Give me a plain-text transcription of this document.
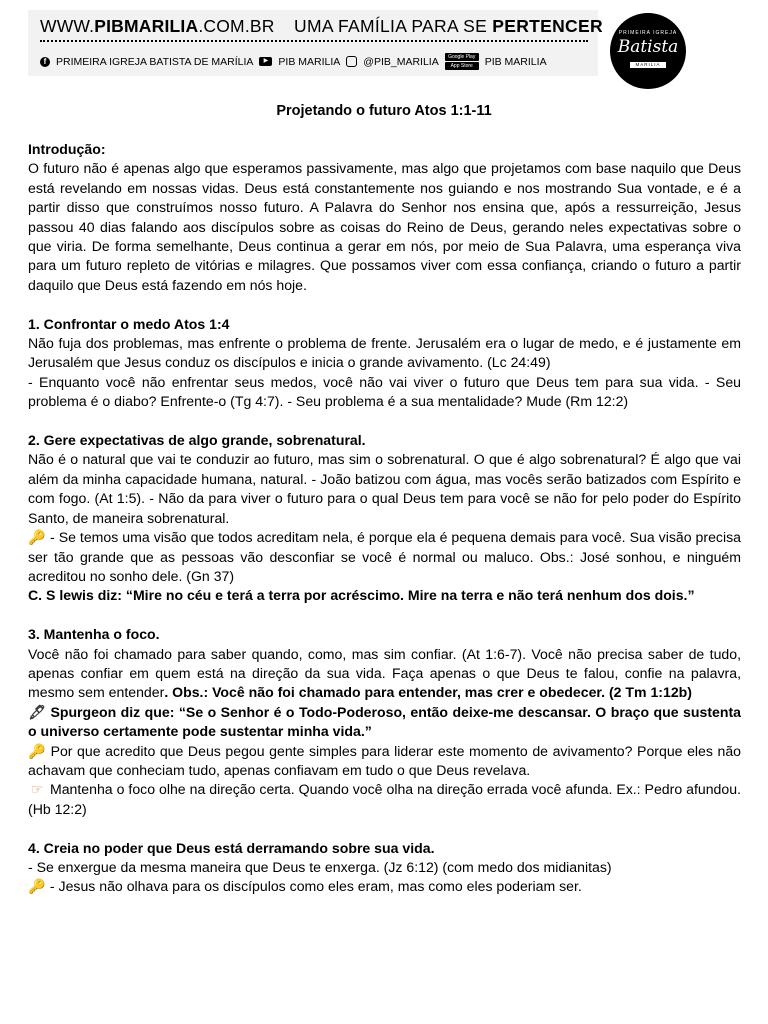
WWW.PIBMARILIA.COM.BR UMA FAMÍLIA PARA SE PERTENCER
f PRIMEIRA IGREJA BATISTA DE MARÍLIA	▶ PIB MARILIA @PIB_MARILIA	Google Play
App Store	PIB MARILIA
PRIMEIRA IGREJA
Batista
MARILIA
Projetando o futuro Atos 1:1-11

Introdução:

O futuro não é apenas algo que esperamos passivamente, mas algo que projetamos com base naquilo que Deus está revelando em nossas vidas. Deus está constantemente nos guiando e nos mostrando Sua vontade, e é a partir disso que construímos nosso futuro. A Palavra do Senhor nos ensina que, após a ressurreição, Jesus passou 40 dias falando aos discípulos sobre as coisas do Reino de Deus, gerando neles expectativas sobre o que viria. De forma semelhante, Deus continua a gerar em nós, por meio de Sua Palavra, uma esperança viva para um futuro repleto de vitórias e milagres. Que possamos viver com essa confiança, criando o futuro a partir daquilo que Deus está fazendo em nós hoje.

1. Confrontar o medo Atos 1:4

Não fuja dos problemas, mas enfrente o problema de frente. Jerusalém era o lugar de medo, e é justamente em Jerusalém que Jesus conduz os discípulos e inicia o grande avivamento. (Lc 24:49)

- Enquanto você não enfrentar seus medos, você não vai viver o futuro que Deus tem para sua vida. - Seu problema é o diabo? Enfrente-o (Tg 4:7). - Seu problema é a sua mentalidade? Mude (Rm 12:2)

2. Gere expectativas de algo grande, sobrenatural.

Não é o natural que vai te conduzir ao futuro, mas sim o sobrenatural. O que é algo sobrenatural? É algo que vai além da minha capacidade humana, natural. - João batizou com água, mas vocês serão batizados com Espírito e com fogo. (At 1:5). - Não da para viver o futuro para o qual Deus tem para você se não for pelo poder do Espírito Santo, de maneira sobrenatural.

🔑 - Se temos uma visão que todos acreditam nela, é porque ela é pequena demais para você. Sua visão precisa ser tão grande que as pessoas vão desconfiar se você é normal ou maluco. Obs.: José sonhou, e ninguém acreditou no sonho dele. (Gn 37)

C. S lewis diz: “Mire no céu e terá a terra por acréscimo. Mire na terra e não terá nenhum dos dois.”

3. Mantenha o foco.

Você não foi chamado para saber quando, como, mas sim confiar. (At 1:6-7). Você não precisa saber de tudo, apenas confiar em quem está na direção da sua vida. Faça apenas o que Deus te falou, confie na palavra, mesmo sem entender. Obs.: Você não foi chamado para entender, mas crer e obedecer. (2 Tm 1:12b)

🖋 Spurgeon diz que: “Se o Senhor é o Todo-Poderoso, então deixe-me descansar. O braço que sustenta o universo certamente pode sustentar minha vida.”

🔑 Por que acredito que Deus pegou gente simples para liderar este momento de avivamento? Porque eles não achavam que conheciam tudo, apenas confiavam em tudo o que Deus revelava.

☞ Mantenha o foco olhe na direção certa. Quando você olha na direção errada você afunda. Ex.: Pedro afundou. (Hb 12:2)

4. Creia no poder que Deus está derramando sobre sua vida.

- Se enxergue da mesma maneira que Deus te enxerga. (Jz 6:12) (com medo dos midianitas)

🔑 - Jesus não olhava para os discípulos como eles eram, mas como eles poderiam ser.
